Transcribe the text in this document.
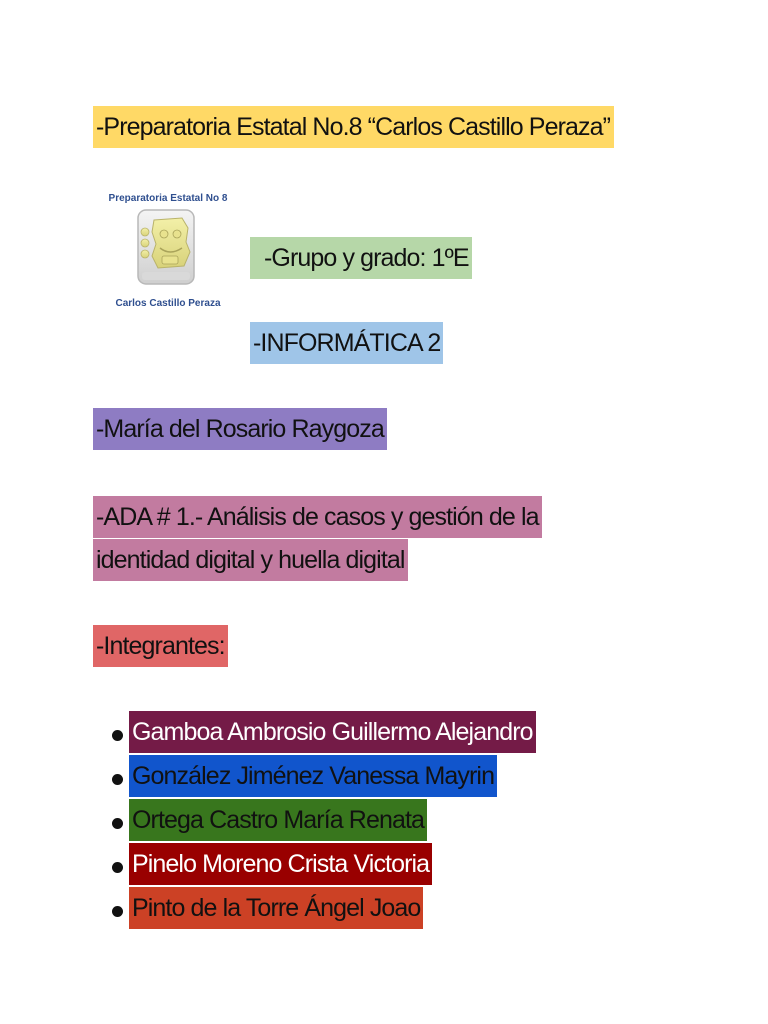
-Preparatoria Estatal No.8 “Carlos Castillo Peraza”
Preparatoria Estatal No 8
Carlos Castillo Peraza
-Grupo y grado: 1ºE
-INFORMÁTICA 2
-María del Rosario Raygoza
-ADA # 1.- Análisis de casos y gestión de la
identidad digital y huella digital
-Integrantes:
Gamboa Ambrosio Guillermo Alejandro
González Jiménez Vanessa Mayrin
Ortega Castro María Renata
Pinelo Moreno Crista Victoria
Pinto de la Torre Ángel Joao
